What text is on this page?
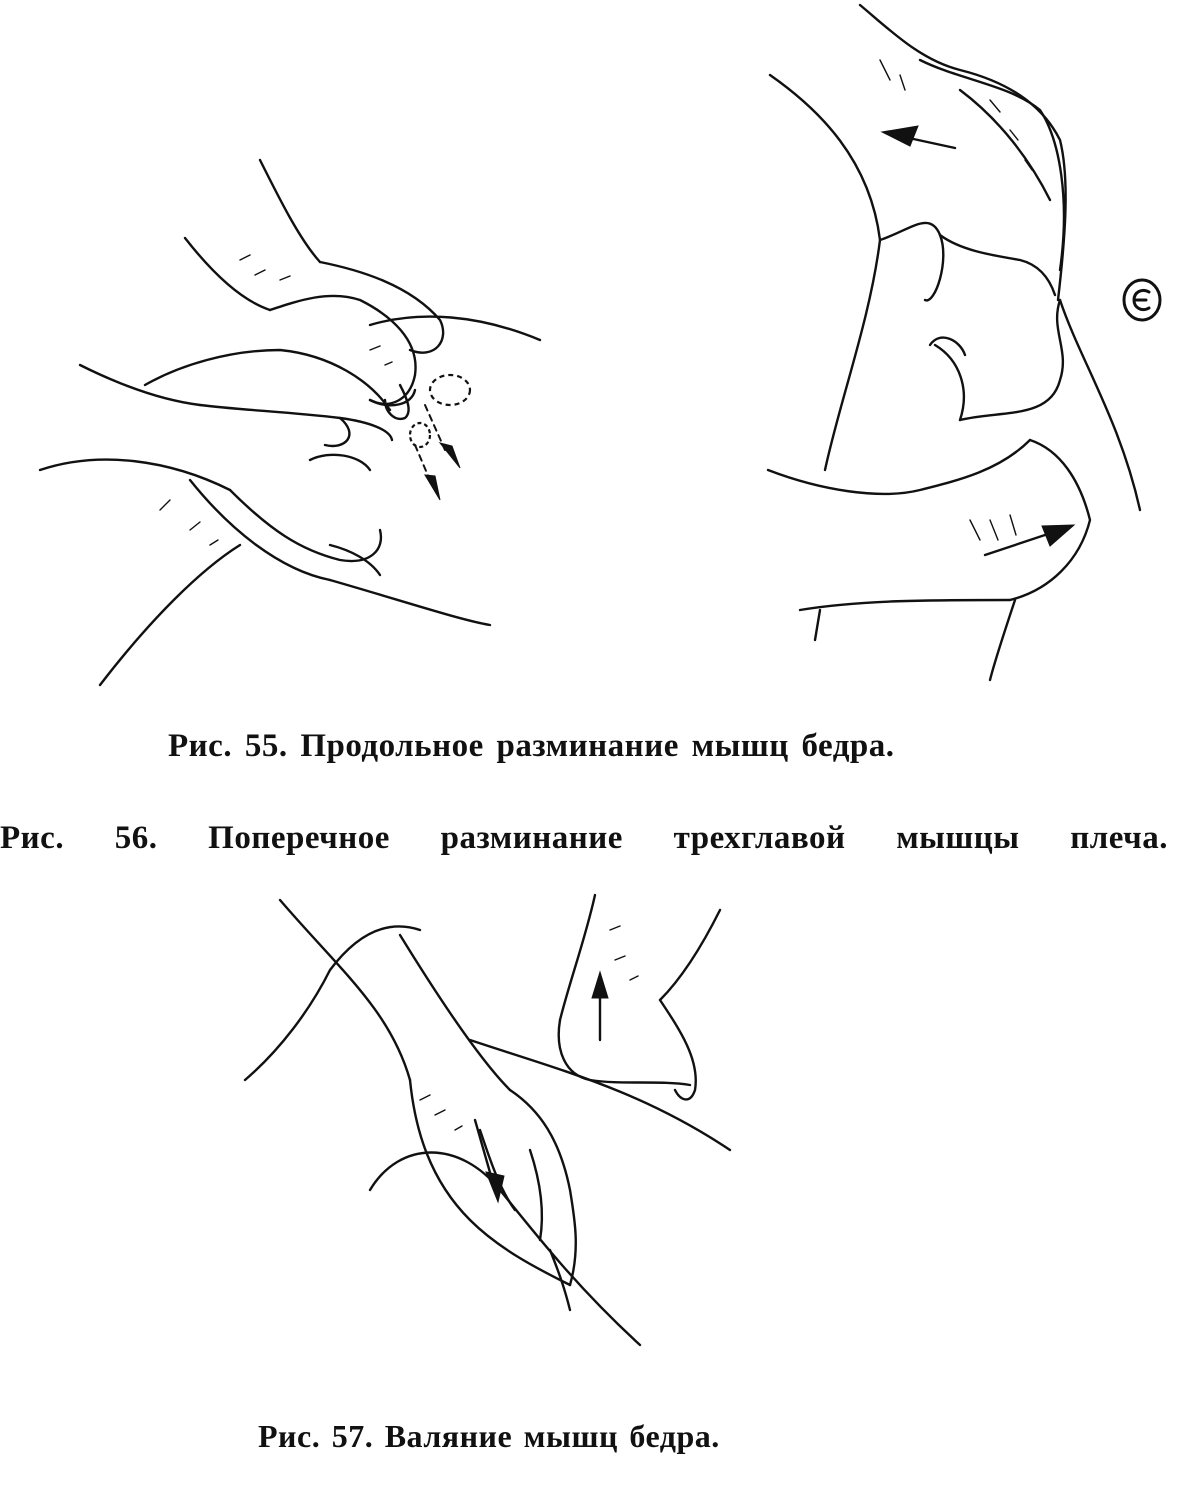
Рис. 55. Продольное разминание мышц бедра.
Рис. 56. Поперечное разминание трехглавой мышцы плеча.
Рис. 57. Валяние мышц бедра.
